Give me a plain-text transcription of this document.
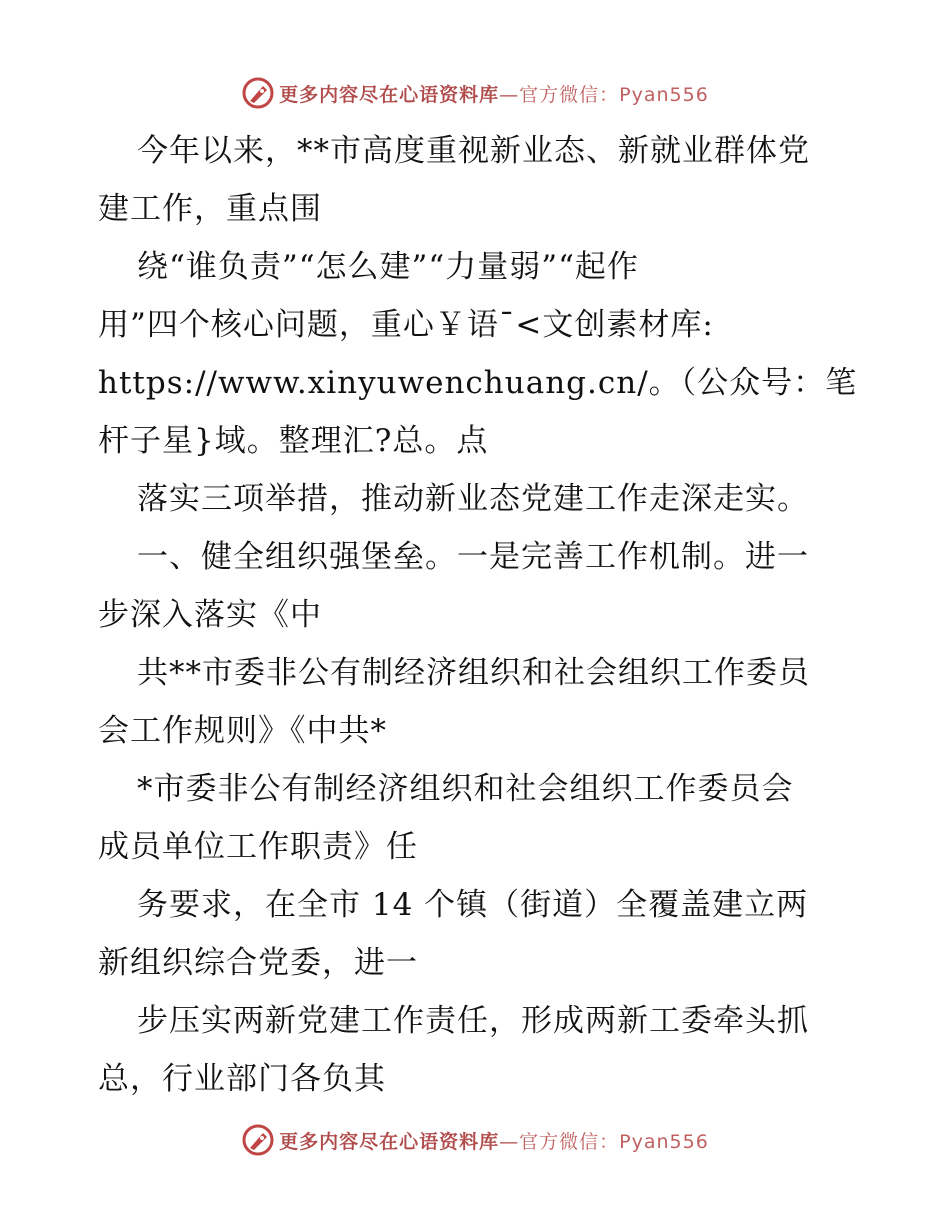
更多内容尽在心语资料库—官方微信：Pyan556
今年以来，**市高度重视新业态、新就业群体党
建工作，重点围
绕“谁负责”“怎么建”“力量弱”“起作
用”四个核心问题，重心￥语¯<文创素材库:
https://www.xinyuwenchuang.cn/。（公众号：笔
杆子星}域。整理汇?总。点
落实三项举措，推动新业态党建工作走深走实。
一、健全组织强堡垒。一是完善工作机制。进一
步深入落实《中
共**市委非公有制经济组织和社会组织工作委员
会工作规则》《中共*
*市委非公有制经济组织和社会组织工作委员会
成员单位工作职责》任
务要求，在全市 14 个镇（街道）全覆盖建立两
新组织综合党委，进一
步压实两新党建工作责任，形成两新工委牵头抓
总，行业部门各负其
更多内容尽在心语资料库—官方微信：Pyan556
